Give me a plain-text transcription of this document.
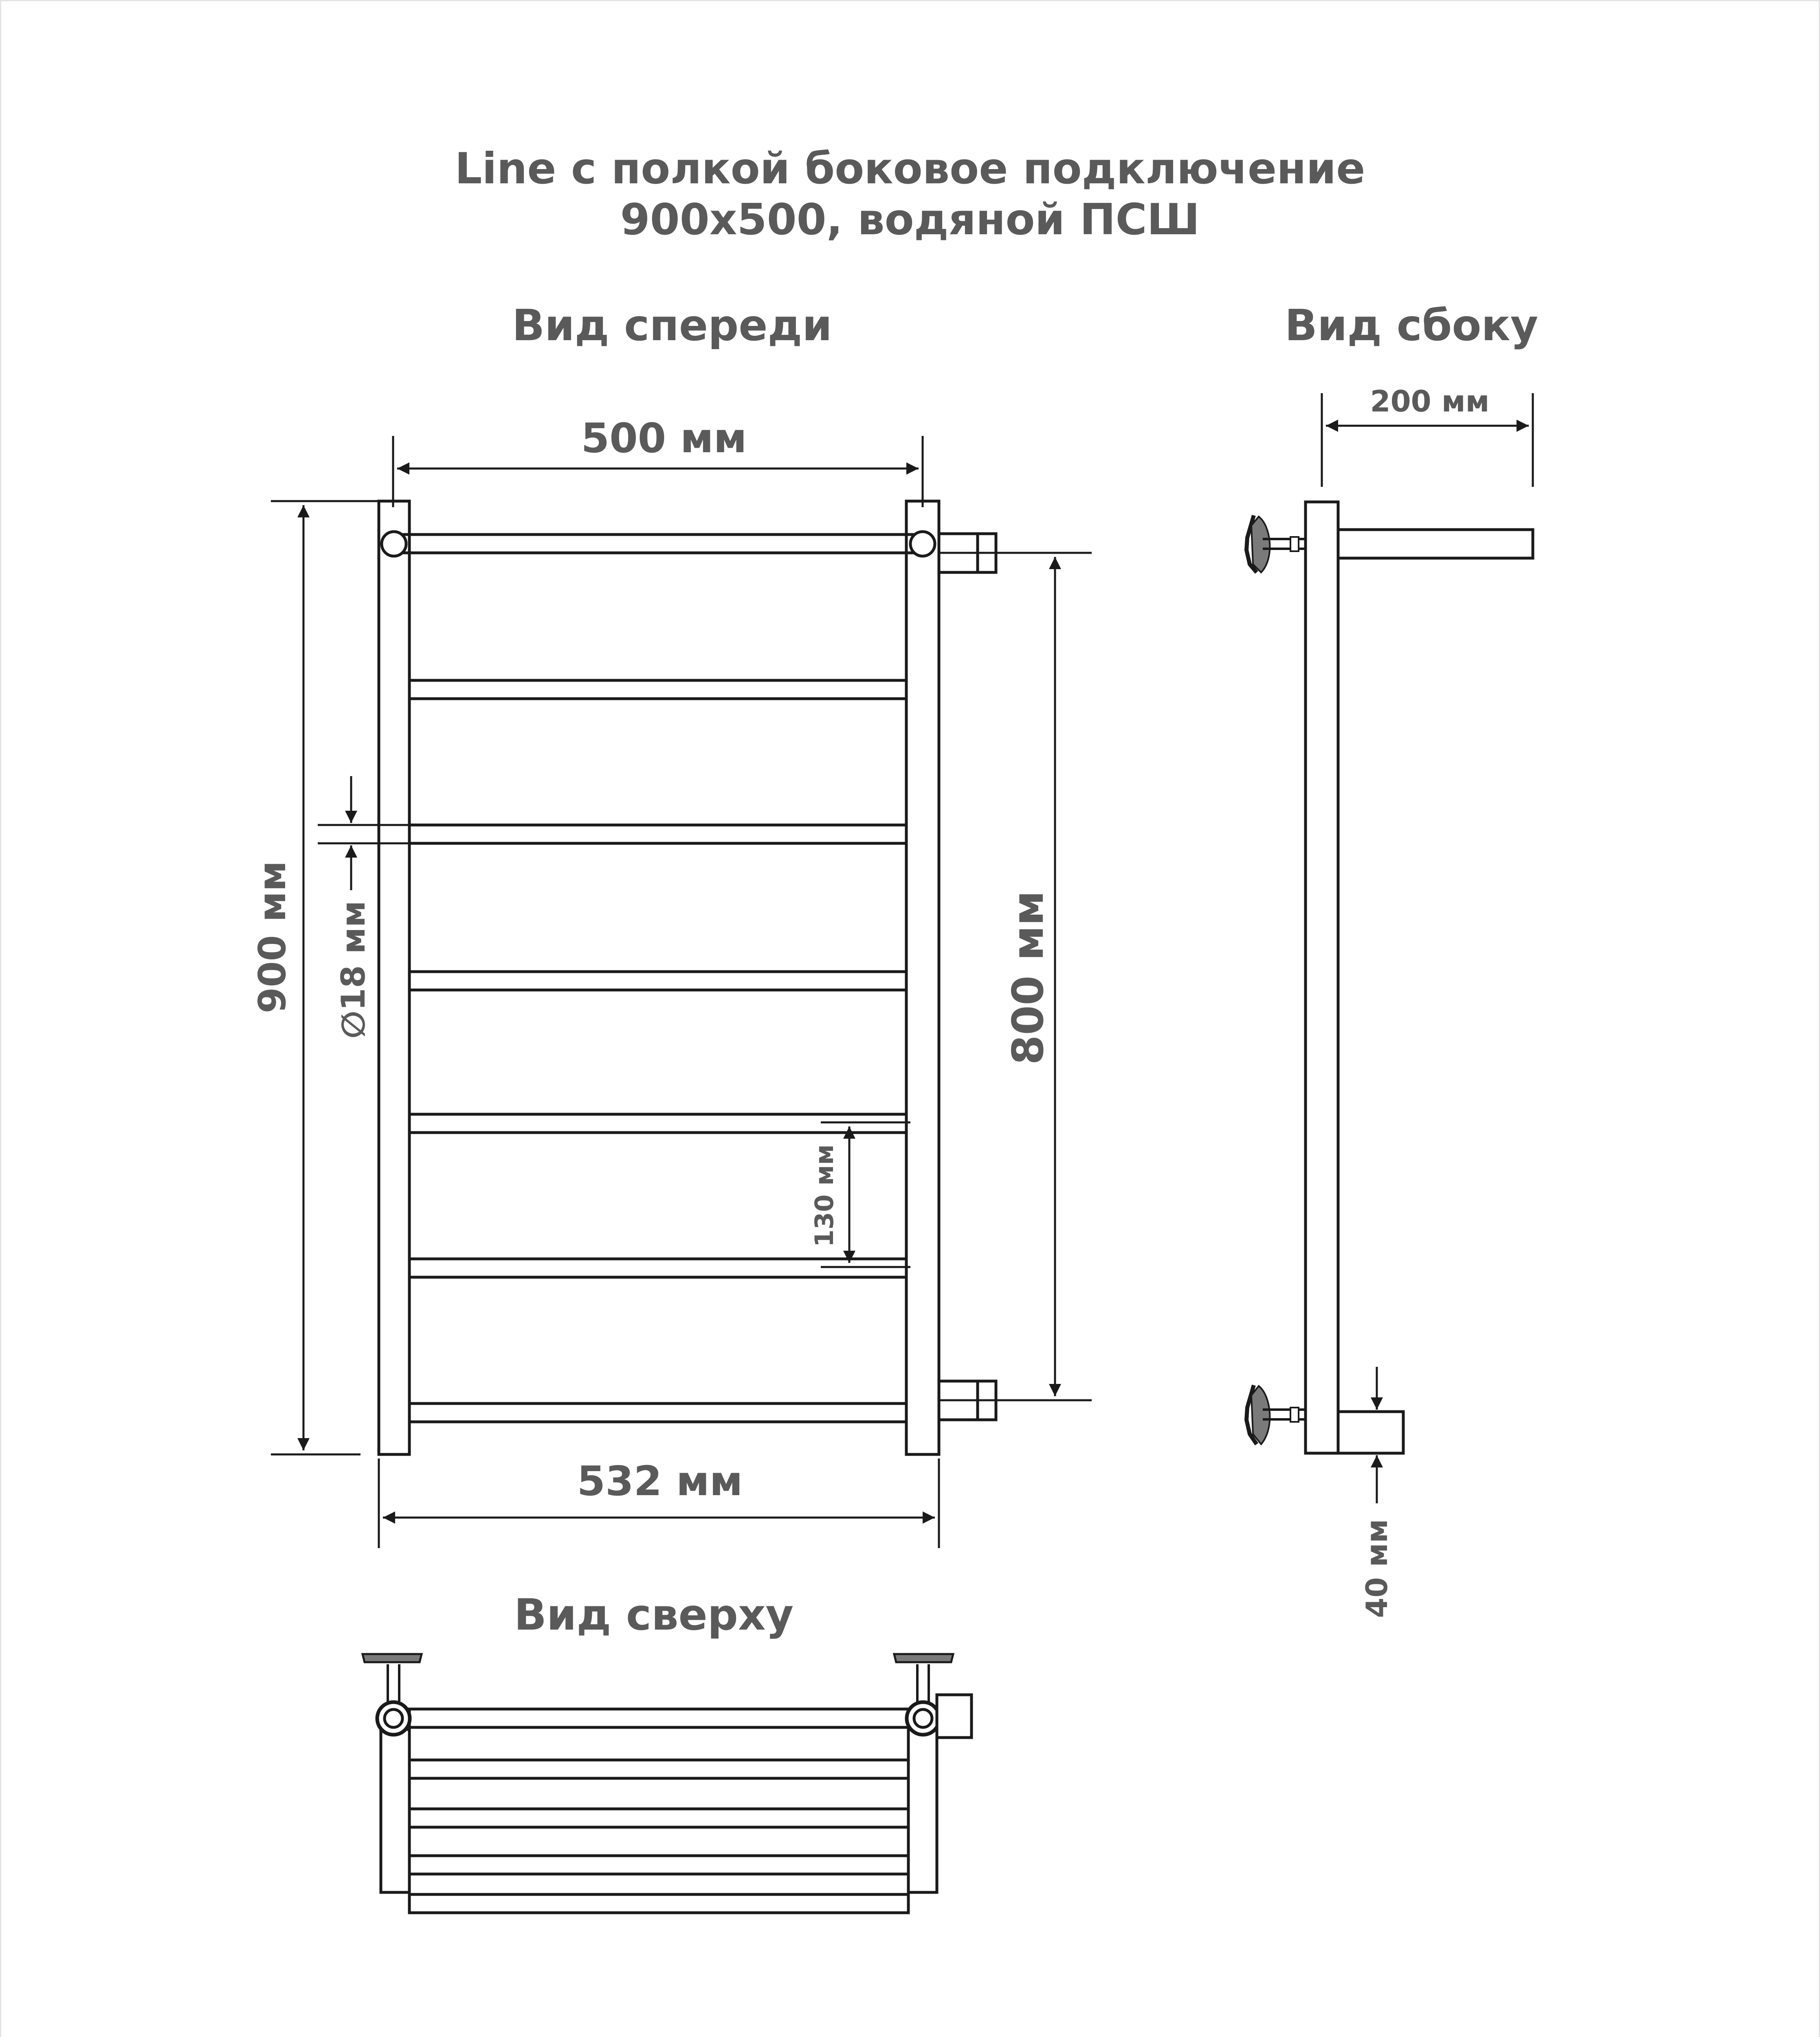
Line с полкой боковое подключение
900х500, водяной ПСШ
Вид спереди	Вид сбоку
Вид сверху
500 мм
900 мм
∅18 мм	800 мм
130 мм
532 мм
200 мм
40 мм
